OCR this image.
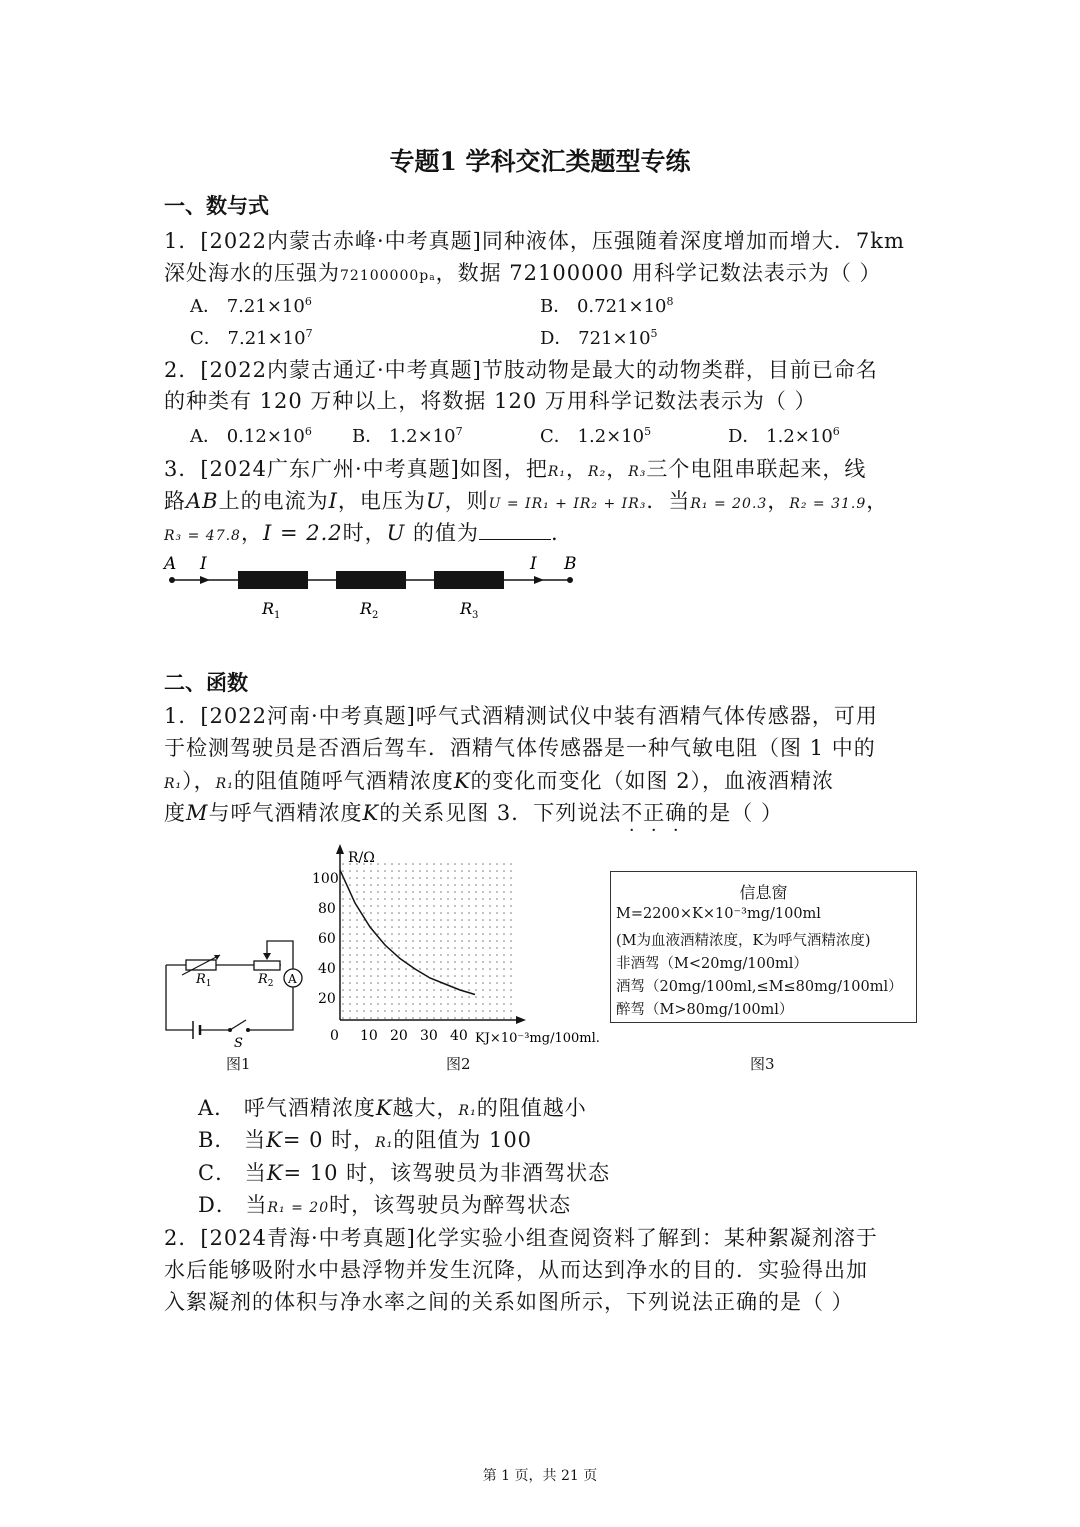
专题1 学科交汇类题型专练
一、数与式
1．[2022内蒙古赤峰·中考真题]同种液体，压强随着深度增加而增大．7km
深处海水的压强为72100000pa，数据 72100000 用科学记数法表示为（ ）
A． $7.21\times 10^6$	B． $0.721\times 10^8$
C． $7.21\times 10^7$	D． $721\times 10^5$
2．[2022内蒙古通辽·中考真题]节肢动物是最大的动物类群，目前已命名
的种类有 120 万种以上，将数据 120 万用科学记数法表示为（ ）
A． $0.12\times 10^6$ B． $1.2\times 10^7$	C． $1.2\times 10^5$	D． $1.2\times 10^6$
3．[2024广东广州·中考真题]如图，把R₁，R₂，R₃三个电阻串联起来，线
路AB上的电流为I，电压为U，则U = IR₁ + IR₂ + IR₃．当R₁ = 20.3，R₂ = 31.9，
R₃ = 47.8，I = 2.2时，U 的值为	.
A I	I B
$R_1$	$R_2$	$R_3$
二、函数
1．[2022河南·中考真题]呼气式酒精测试仪中装有酒精气体传感器，可用
于检测驾驶员是否酒后驾车．酒精气体传感器是一种气敏电阻（图 1 中的
R₁），R₁的阻值随呼气酒精浓度K的变化而变化（如图 2），血液酒精浓
度M与呼气酒精浓度K的关系见图 3．下列说法不正确的是（ ）
A
$R_1$	$R_2$
S
图1
R/Ω
100
80
60
40
20
0 10 20 30 40 KJ×10⁻³mg/100ml.
图2
信息窗
M=2200×K×10⁻³mg/100ml
(M为血液酒精浓度，K为呼气酒精浓度)
非酒驾（M<20mg/100ml）
酒驾（20mg/100ml,≤M≤80mg/100ml）
醉驾（M>80mg/100ml）
图3
A． 呼气酒精浓度K越大，R₁的阻值越小
B． 当K= 0 时，R₁的阻值为 100
C． 当K= 10 时，该驾驶员为非酒驾状态
D． 当R₁ = 20时，该驾驶员为醉驾状态
2．[2024青海·中考真题]化学实验小组查阅资料了解到：某种絮凝剂溶于
水后能够吸附水中悬浮物并发生沉降，从而达到净水的目的．实验得出加
入絮凝剂的体积与净水率之间的关系如图所示，下列说法正确的是（ ）
第 1 页，共 21 页
